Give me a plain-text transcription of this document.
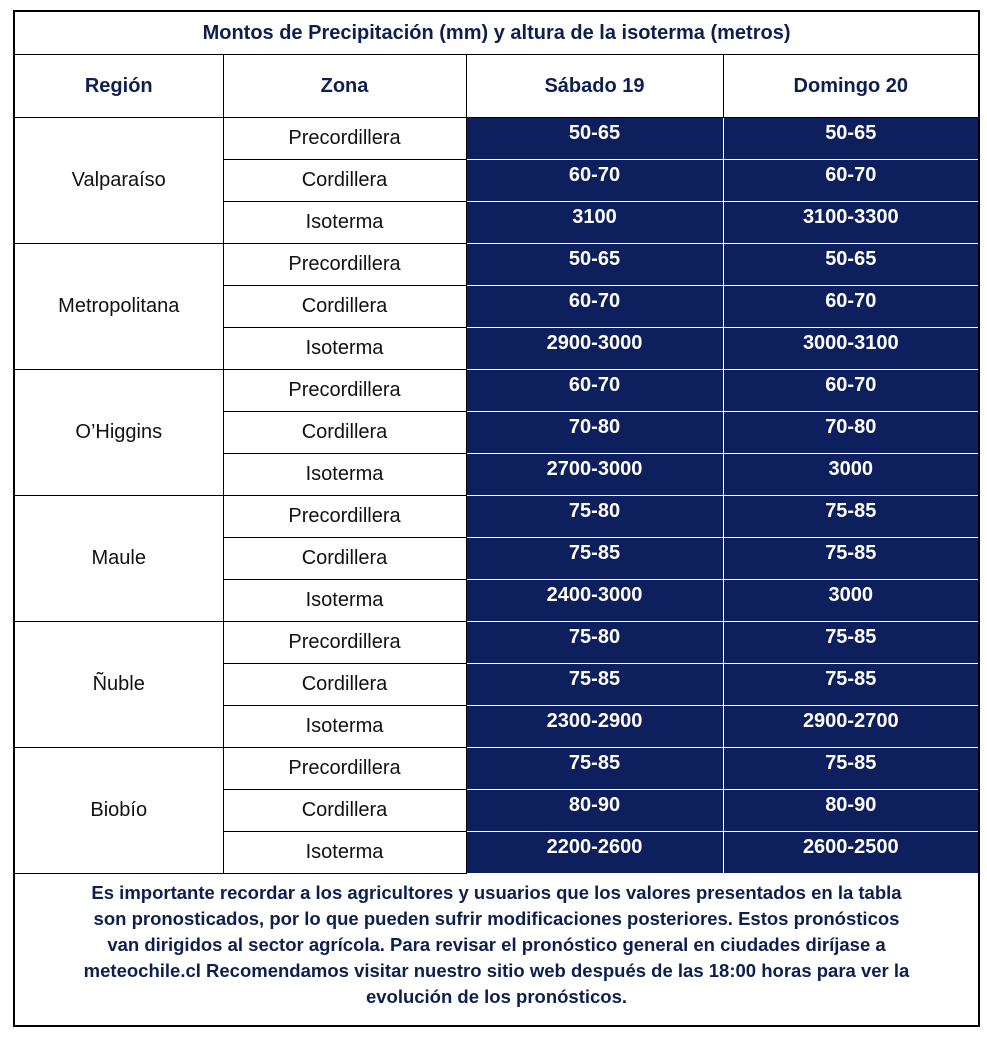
Montos de Precipitación (mm) y altura de la isoterma (metros)			
Región	Zona	Sábado 19	Domingo 20
Valparaíso	Precordillera	50-65	50-65
	Cordillera	60-70	60-70
	Isoterma	3100	3100-3300
Metropolitana	Precordillera	50-65	50-65
	Cordillera	60-70	60-70
	Isoterma	2900-3000	3000-3100
O’Higgins	Precordillera	60-70	60-70
	Cordillera	70-80	70-80
	Isoterma	2700-3000	3000
Maule	Precordillera	75-80	75-85
	Cordillera	75-85	75-85
	Isoterma	2400-3000	3000
Ñuble	Precordillera	75-80	75-85
	Cordillera	75-85	75-85
	Isoterma	2300-2900	2900-2700
Biobío	Precordillera	75-85	75-85
	Cordillera	80-90	80-90
	Isoterma	2200-2600	2600-2500
Es importante recordar a los agricultores y usuarios que los valores presentados en la tabla
son pronosticados, por lo que pueden sufrir modificaciones posteriores. Estos pronósticos
van dirigidos al sector agrícola. Para revisar el pronóstico general en ciudades diríjase a
meteochile.cl Recomendamos visitar nuestro sitio web después de las 18:00 horas para ver la
evolución de los pronósticos.
